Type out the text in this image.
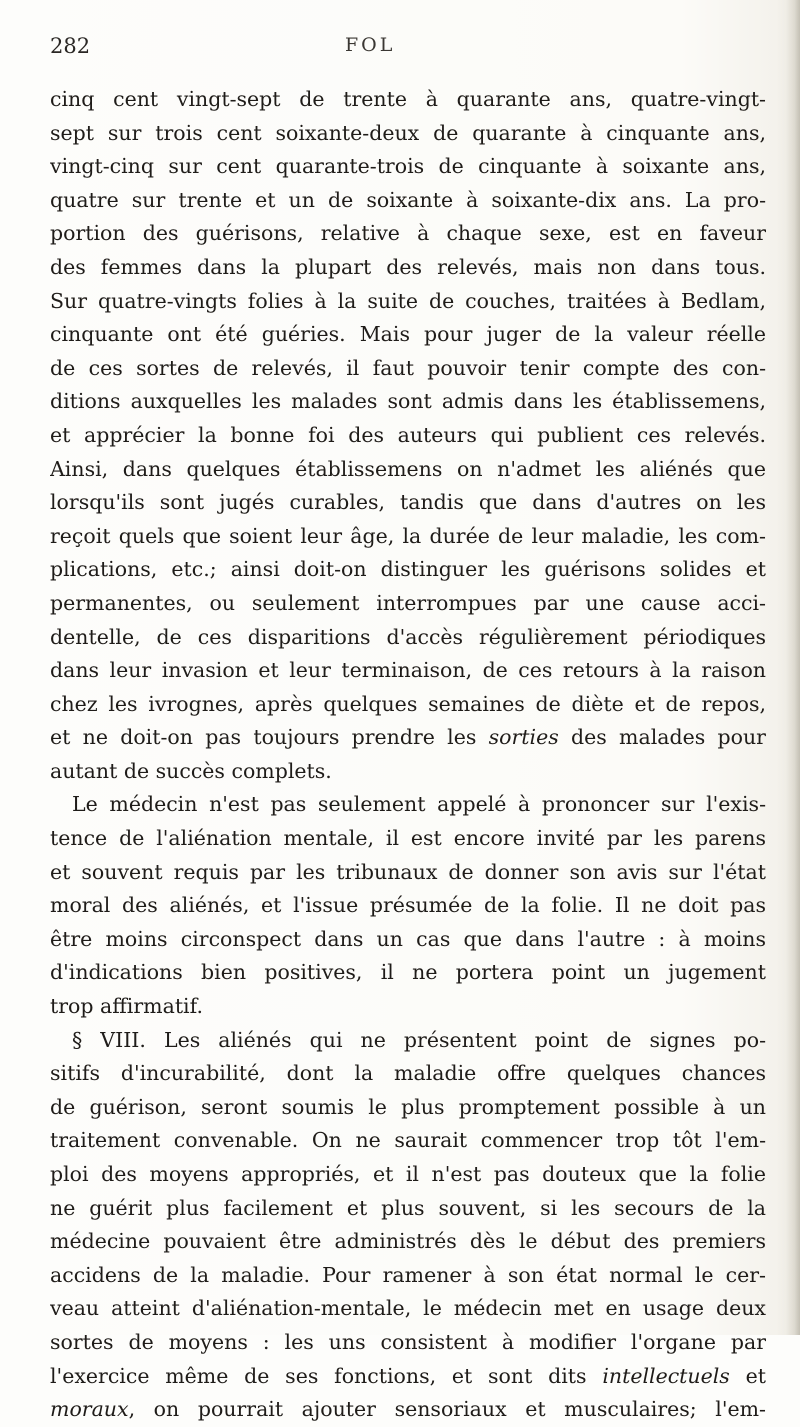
282	FOL
cinq cent vingt-sept de trente à quarante ans, quatre-vingt-
sept sur trois cent soixante-deux de quarante à cinquante ans,
vingt-cinq sur cent quarante-trois de cinquante à soixante ans,
quatre sur trente et un de soixante à soixante-dix ans. La pro-
portion des guérisons, relative à chaque sexe, est en faveur
des femmes dans la plupart des relevés, mais non dans tous.
Sur quatre-vingts folies à la suite de couches, traitées à Bedlam,
cinquante ont été guéries. Mais pour juger de la valeur réelle
de ces sortes de relevés, il faut pouvoir tenir compte des con-
ditions auxquelles les malades sont admis dans les établissemens,
et apprécier la bonne foi des auteurs qui publient ces relevés.
Ainsi, dans quelques établissemens on n'admet les aliénés que
lorsqu'ils sont jugés curables, tandis que dans d'autres on les
reçoit quels que soient leur âge, la durée de leur maladie, les com-
plications, etc.; ainsi doit-on distinguer les guérisons solides et
permanentes, ou seulement interrompues par une cause acci-
dentelle, de ces disparitions d'accès régulièrement périodiques
dans leur invasion et leur terminaison, de ces retours à la raison
chez les ivrognes, après quelques semaines de diète et de repos,
et ne doit-on pas toujours prendre les sorties des malades pour
autant de succès complets.
Le médecin n'est pas seulement appelé à prononcer sur l'exis-
tence de l'aliénation mentale, il est encore invité par les parens
et souvent requis par les tribunaux de donner son avis sur l'état
moral des aliénés, et l'issue présumée de la folie. Il ne doit pas
être moins circonspect dans un cas que dans l'autre : à moins
d'indications bien positives, il ne portera point un jugement
trop affirmatif.
§ VIII. Les aliénés qui ne présentent point de signes po-
sitifs d'incurabilité, dont la maladie offre quelques chances
de guérison, seront soumis le plus promptement possible à un
traitement convenable. On ne saurait commencer trop tôt l'em-
ploi des moyens appropriés, et il n'est pas douteux que la folie
ne guérit plus facilement et plus souvent, si les secours de la
médecine pouvaient être administrés dès le début des premiers
accidens de la maladie. Pour ramener à son état normal le cer-
veau atteint d'aliénation-mentale, le médecin met en usage deux
sortes de moyens : les uns consistent à modifier l'organe par
l'exercice même de ses fonctions, et sont dits intellectuels et
moraux, on pourrait ajouter sensoriaux et musculaires; l'em-
